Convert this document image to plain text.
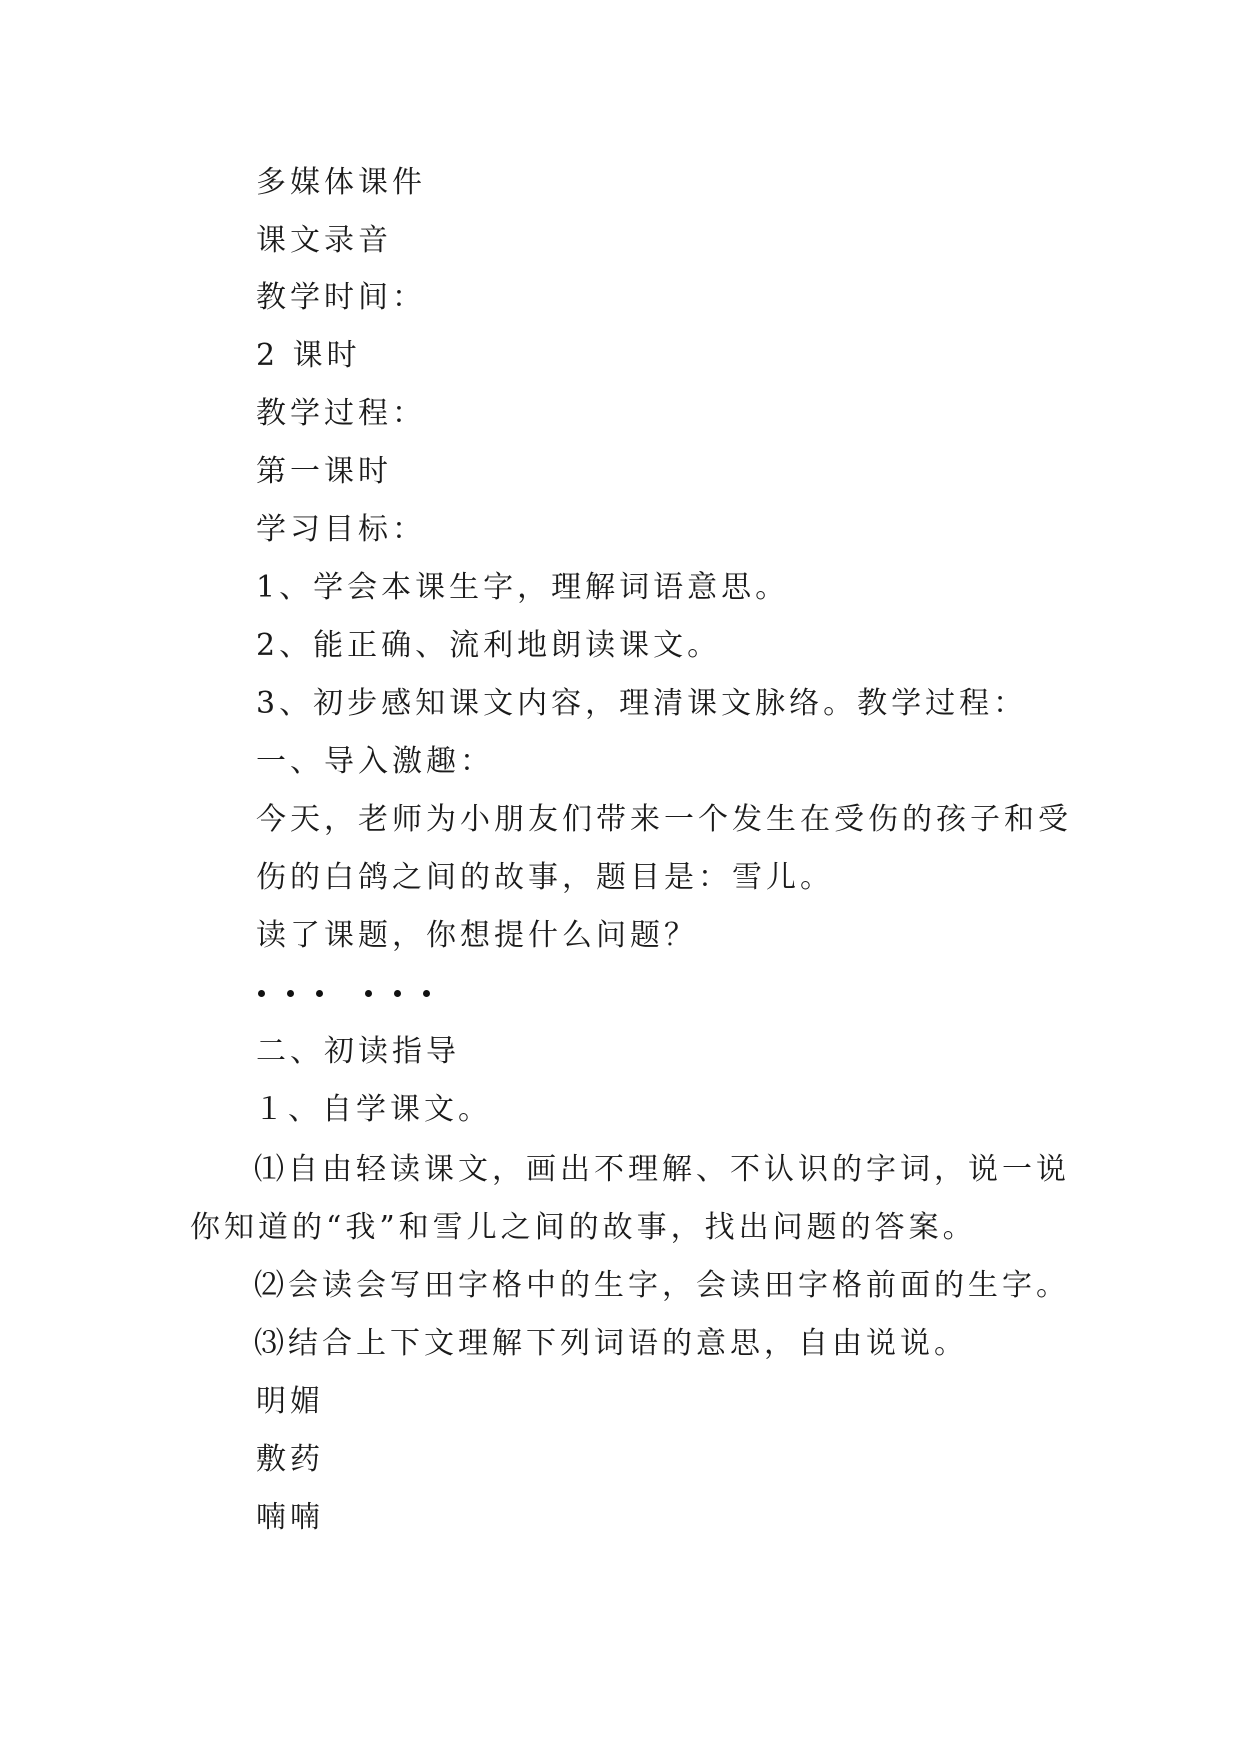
多媒体课件
课文录音
教学时间：
2 课时
教学过程：
第一课时
学习目标：
1、学会本课生字，理解词语意思。
2、能正确、流利地朗读课文。
3、初步感知课文内容，理清课文脉络。教学过程：
一、导入激趣：
今天，老师为小朋友们带来一个发生在受伤的孩子和受
伤的白鸽之间的故事，题目是：雪儿。
读了课题，你想提什么问题？
二、初读指导
１、自学课文。
⑴自由轻读课文，画出不理解、不认识的字词，说一说
你知道的“我”和雪儿之间的故事，找出问题的答案。
⑵会读会写田字格中的生字，会读田字格前面的生字。
⑶结合上下文理解下列词语的意思，自由说说。
明媚
敷药
喃喃
